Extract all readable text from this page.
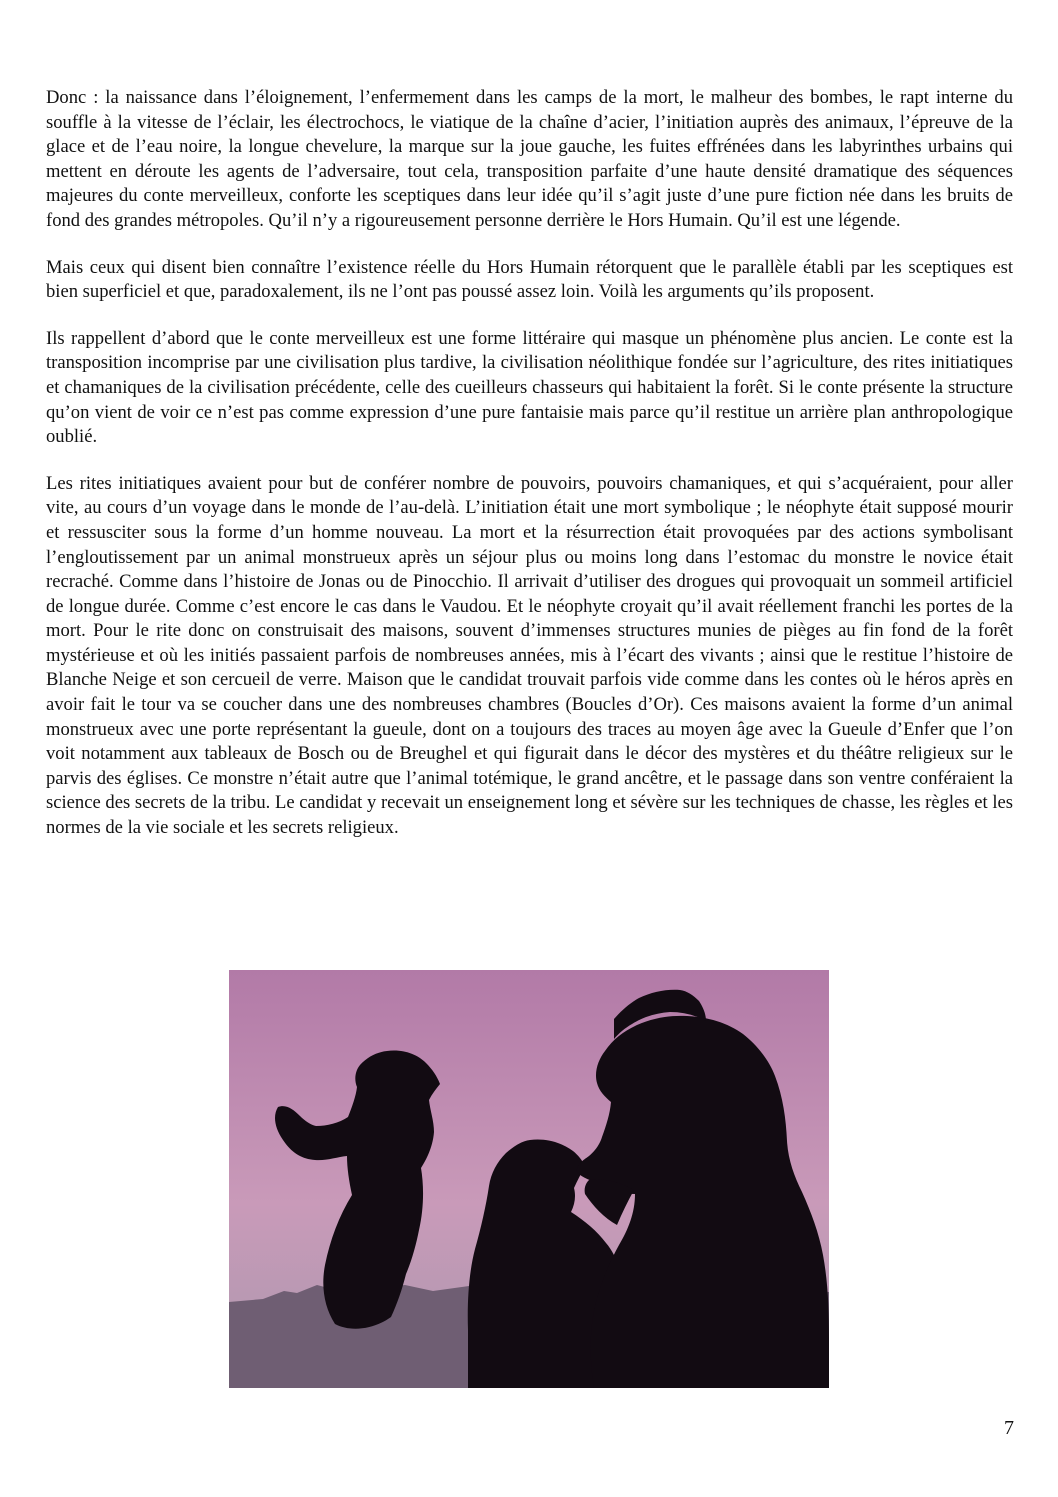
Donc : la naissance dans l’éloignement, l’enfermement dans les camps de la mort, le malheur des bombes, le rapt interne du souffle à la vitesse de l’éclair, les électrochocs, le viatique de la chaîne d’acier, l’initiation auprès des animaux, l’épreuve de la glace et de l’eau noire, la longue chevelure, la marque sur la joue gauche, les fuites effrénées dans les labyrinthes urbains qui mettent en déroute les agents de l’adversaire, tout cela, transposition parfaite d’une haute densité dramatique des séquences majeures du conte merveilleux, conforte les sceptiques dans leur idée qu’il s’agit juste d’une pure fiction née dans les bruits de fond des grandes métropoles. Qu’il n’y a rigoureusement personne derrière le Hors Humain. Qu’il est une légende.

Mais ceux qui disent bien connaître l’existence réelle du Hors Humain rétorquent que le parallèle établi par les sceptiques est bien superficiel et que, paradoxalement, ils ne l’ont pas poussé assez loin. Voilà les arguments qu’ils proposent.

Ils rappellent d’abord que le conte merveilleux est une forme littéraire qui masque un phénomène plus ancien. Le conte est la transposition incomprise par une civilisation plus tardive, la civilisation néolithique fondée sur l’agriculture, des rites initiatiques et chamaniques de la civilisation précédente, celle des cueilleurs chasseurs qui habitaient la forêt. Si le conte présente la structure qu’on vient de voir ce n’est pas comme expression d’une pure fantaisie mais parce qu’il restitue un arrière plan anthropologique oublié.

Les rites initiatiques avaient pour but de conférer nombre de pouvoirs, pouvoirs chamaniques, et qui s’acquéraient, pour aller vite, au cours d’un voyage dans le monde de l’au-delà. L’initiation était une mort symbolique ; le néophyte était supposé mourir et ressusciter sous la forme d’un homme nouveau. La mort et la résurrection était provoquées par des actions symbolisant l’engloutissement par un animal monstrueux après un séjour plus ou moins long dans l’estomac du monstre le novice était recraché. Comme dans l’histoire de Jonas ou de Pinocchio. Il arrivait d’utiliser des drogues qui provoquait un sommeil artificiel de longue durée. Comme c’est encore le cas dans le Vaudou. Et le néophyte croyait qu’il avait réellement franchi les portes de la mort. Pour le rite donc on construisait des maisons, souvent d’immenses structures munies de pièges au fin fond de la forêt mystérieuse et où les initiés passaient parfois de nombreuses années, mis à l’écart des vivants ; ainsi que le restitue l’histoire de Blanche Neige et son cercueil de verre. Maison que le candidat trouvait parfois vide comme dans les contes où le héros après en avoir fait le tour va se coucher dans une des nombreuses chambres (Boucles d’Or). Ces maisons avaient la forme d’un animal monstrueux avec une porte représentant la gueule, dont on a toujours des traces au moyen âge avec la Gueule d’Enfer que l’on voit notamment aux tableaux de Bosch ou de Breughel et qui figurait dans le décor des mystères et du théâtre religieux sur le parvis des églises. Ce monstre n’était autre que l’animal totémique, le grand ancêtre, et le passage dans son ventre conféraient la science des secrets de la tribu. Le candidat y recevait un enseignement long et sévère sur les techniques de chasse, les règles et les normes de la vie sociale et les secrets religieux.

7
